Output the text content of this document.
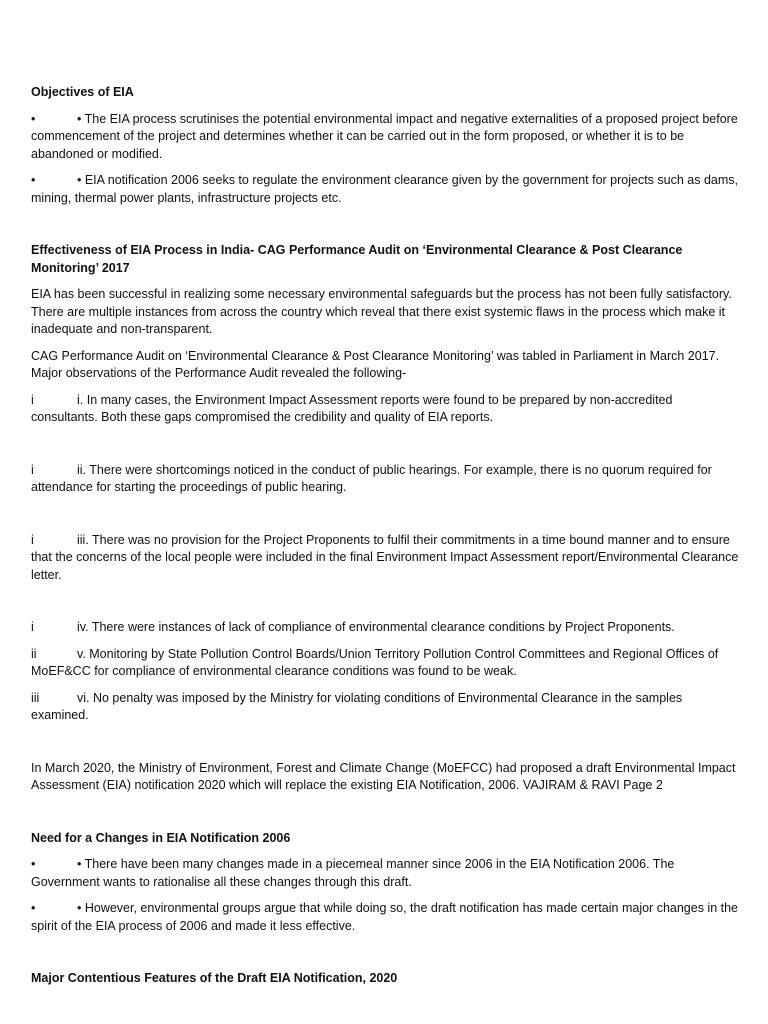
Objectives of EIA

•	• The EIA process scrutinises the potential environmental impact and negative externalities of a proposed project before commencement of the project and determines whether it can be carried out in the form proposed, or whether it is to be abandoned or modified.

•	• EIA notification 2006 seeks to regulate the environment clearance given by the government for projects such as dams, mining, thermal power plants, infrastructure projects etc.

Effectiveness of EIA Process in India- CAG Performance Audit on ‘Environmental Clearance & Post Clearance Monitoring’ 2017

EIA has been successful in realizing some necessary environmental safeguards but the process has not been fully satisfactory. There are multiple instances from across the country which reveal that there exist systemic flaws in the process which make it inadequate and non-transparent.

CAG Performance Audit on ‘Environmental Clearance & Post Clearance Monitoring’ was tabled in Parliament in March 2017. Major observations of the Performance Audit revealed the following-

i	i. In many cases, the Environment Impact Assessment reports were found to be prepared by non-accredited consultants. Both these gaps compromised the credibility and quality of EIA reports.

i	ii. There were shortcomings noticed in the conduct of public hearings. For example, there is no quorum required for attendance for starting the proceedings of public hearing.

i	iii. There was no provision for the Project Proponents to fulfil their commitments in a time bound manner and to ensure that the concerns of the local people were included in the final Environment Impact Assessment report/Environmental Clearance letter.

i	iv. There were instances of lack of compliance of environmental clearance conditions by Project Proponents.

ii	v. Monitoring by State Pollution Control Boards/Union Territory Pollution Control Committees and Regional Offices of MoEF&CC for compliance of environmental clearance conditions was found to be weak.

iii	vi. No penalty was imposed by the Ministry for violating conditions of Environmental Clearance in the samples examined.

In March 2020, the Ministry of Environment, Forest and Climate Change (MoEFCC) had proposed a draft Environmental Impact Assessment (EIA) notification 2020 which will replace the existing EIA Notification, 2006. VAJIRAM & RAVI Page 2

Need for a Changes in EIA Notification 2006

•	• There have been many changes made in a piecemeal manner since 2006 in the EIA Notification 2006. The Government wants to rationalise all these changes through this draft.

•	• However, environmental groups argue that while doing so, the draft notification has made certain major changes in the spirit of the EIA process of 2006 and made it less effective.

Major Contentious Features of the Draft EIA Notification, 2020
